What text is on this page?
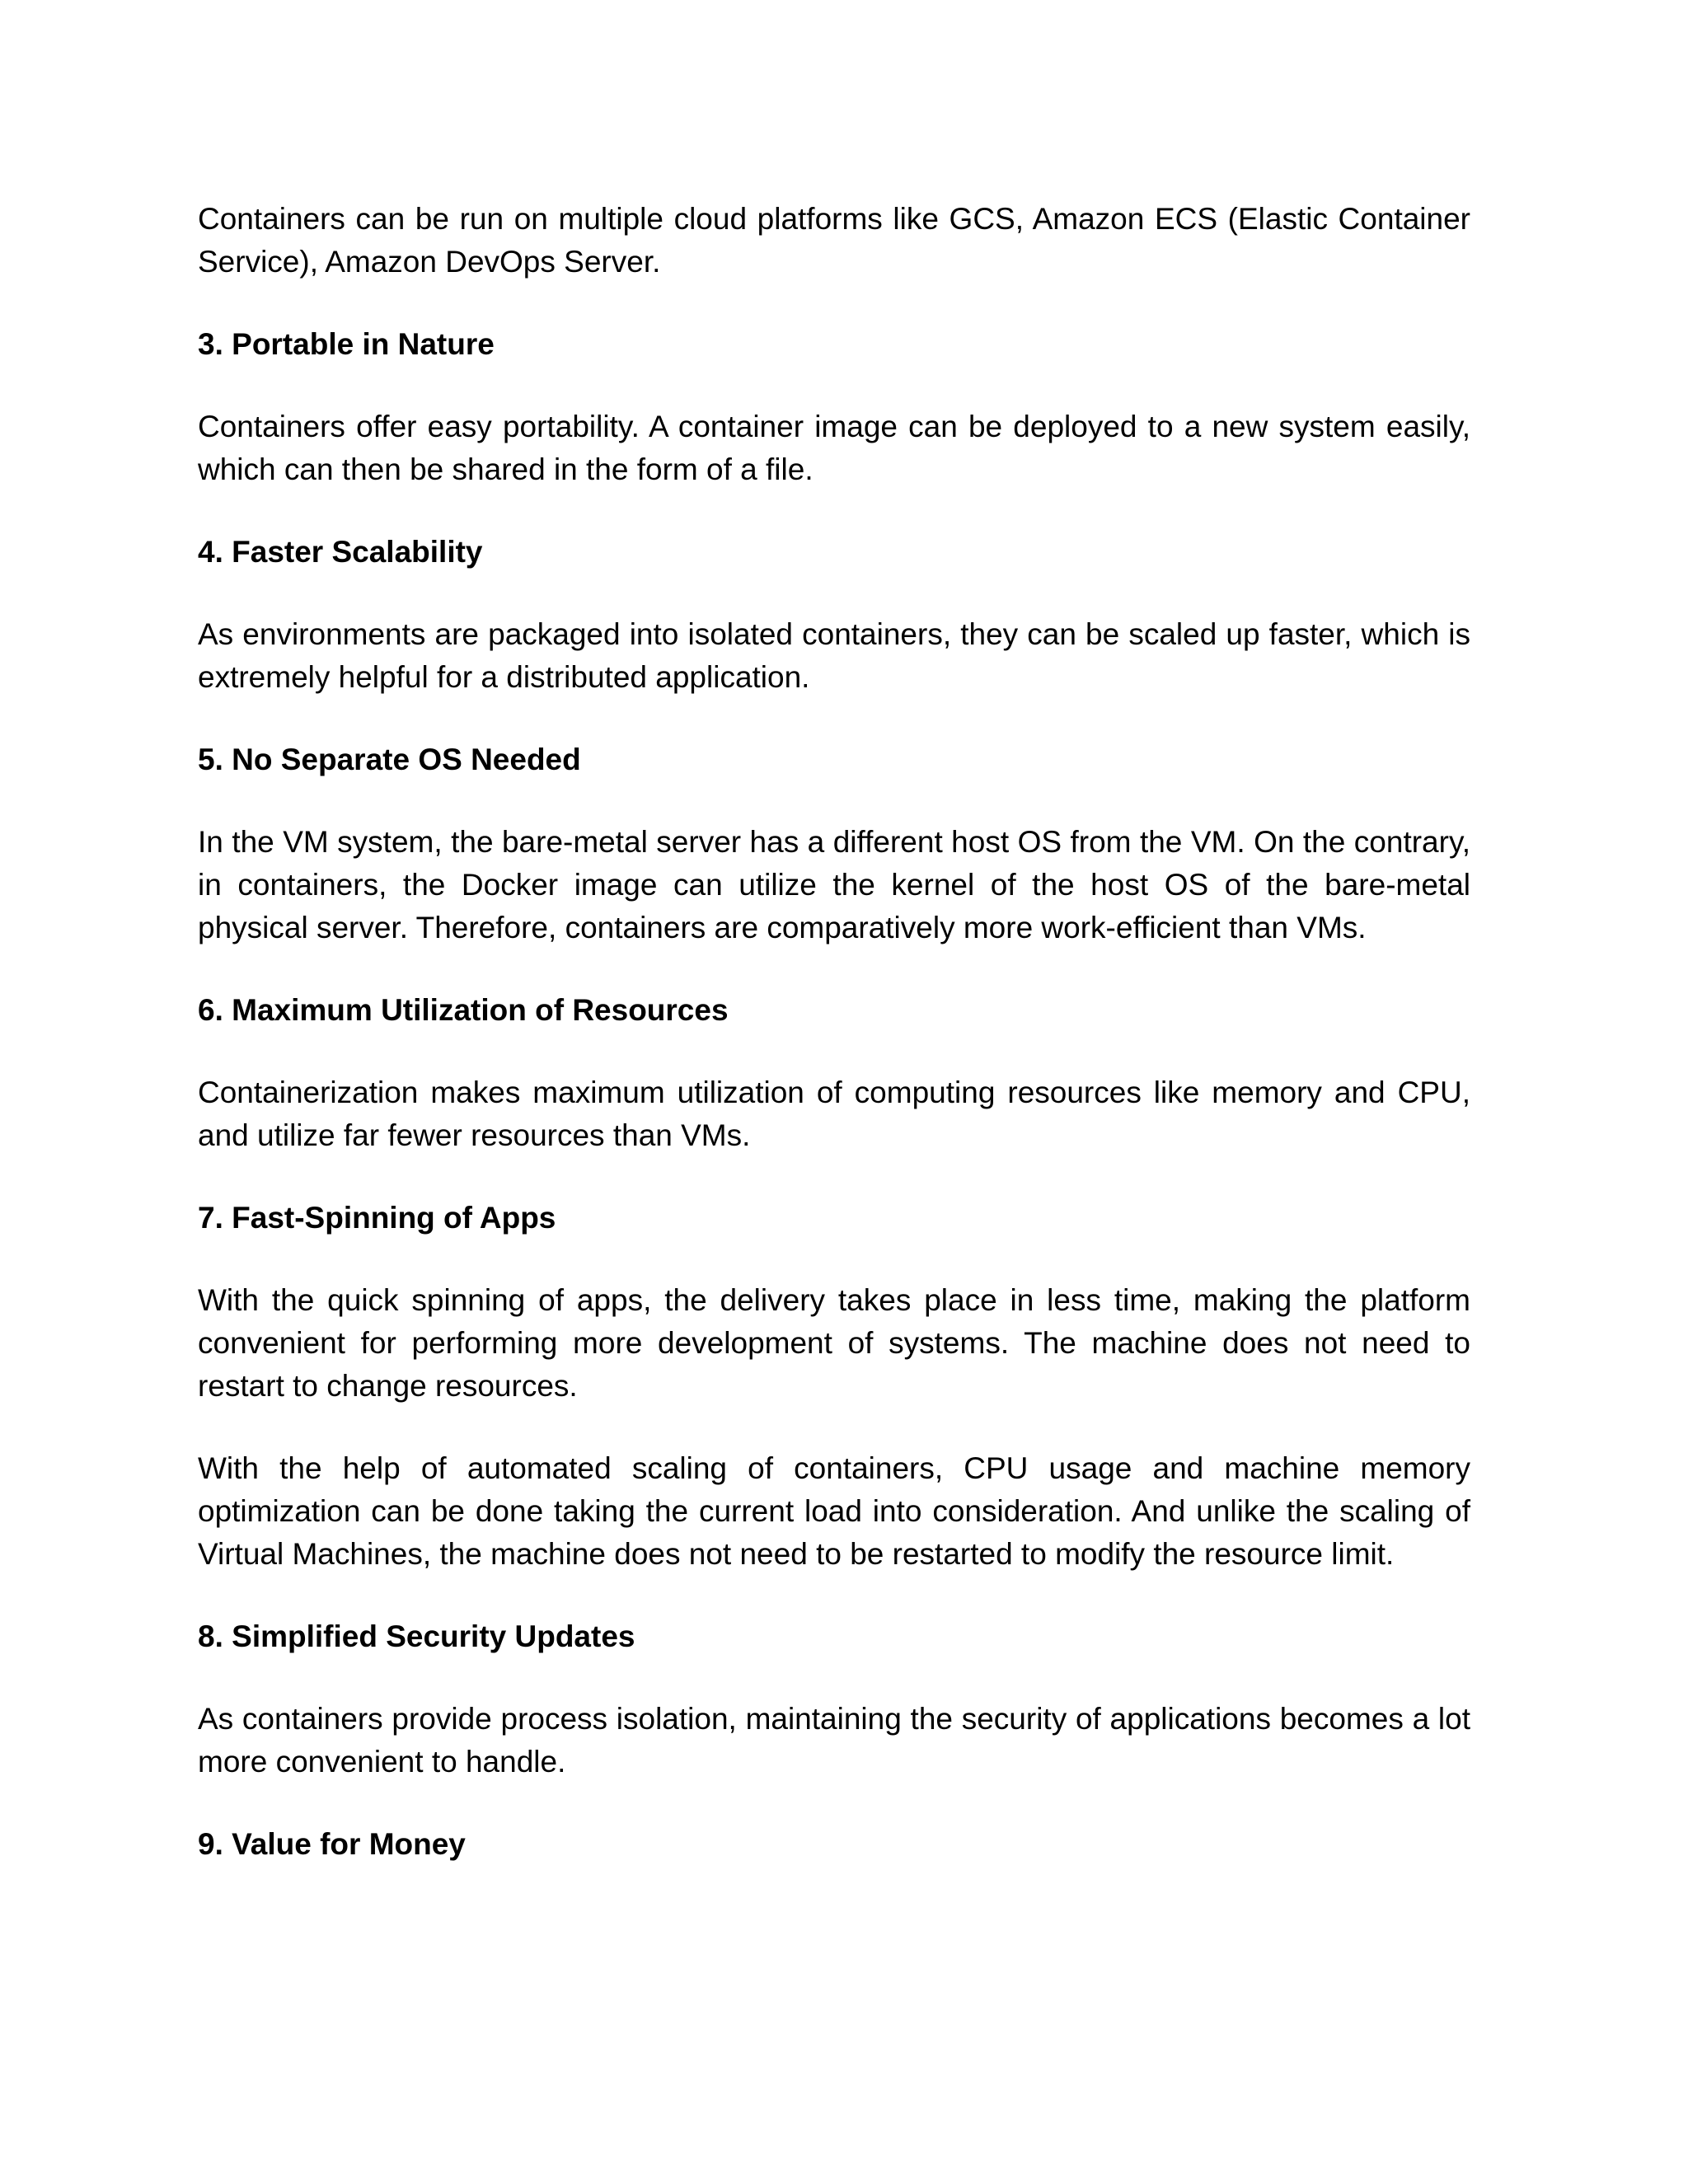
Containers can be run on multiple cloud platforms like GCS, Amazon ECS (Elastic Container Service), Amazon DevOps Server.

3. Portable in Nature

Containers offer easy portability. A container image can be deployed to a new system easily, which can then be shared in the form of a file.

4. Faster Scalability

As environments are packaged into isolated containers, they can be scaled up faster, which is extremely helpful for a distributed application.

5. No Separate OS Needed

In the VM system, the bare-metal server has a different host OS from the VM. On the contrary, in containers, the Docker image can utilize the kernel of the host OS of the bare-metal physical server. Therefore, containers are comparatively more work-efficient than VMs.

6. Maximum Utilization of Resources

Containerization makes maximum utilization of computing resources like memory and CPU, and utilize far fewer resources than VMs.

7. Fast-Spinning of Apps

With the quick spinning of apps, the delivery takes place in less time, making the platform convenient for performing more development of systems. The machine does not need to restart to change resources.

With the help of automated scaling of containers, CPU usage and machine memory optimization can be done taking the current load into consideration. And unlike the scaling of Virtual Machines, the machine does not need to be restarted to modify the resource limit.

8. Simplified Security Updates

As containers provide process isolation, maintaining the security of applications becomes a lot more convenient to handle.

9. Value for Money
